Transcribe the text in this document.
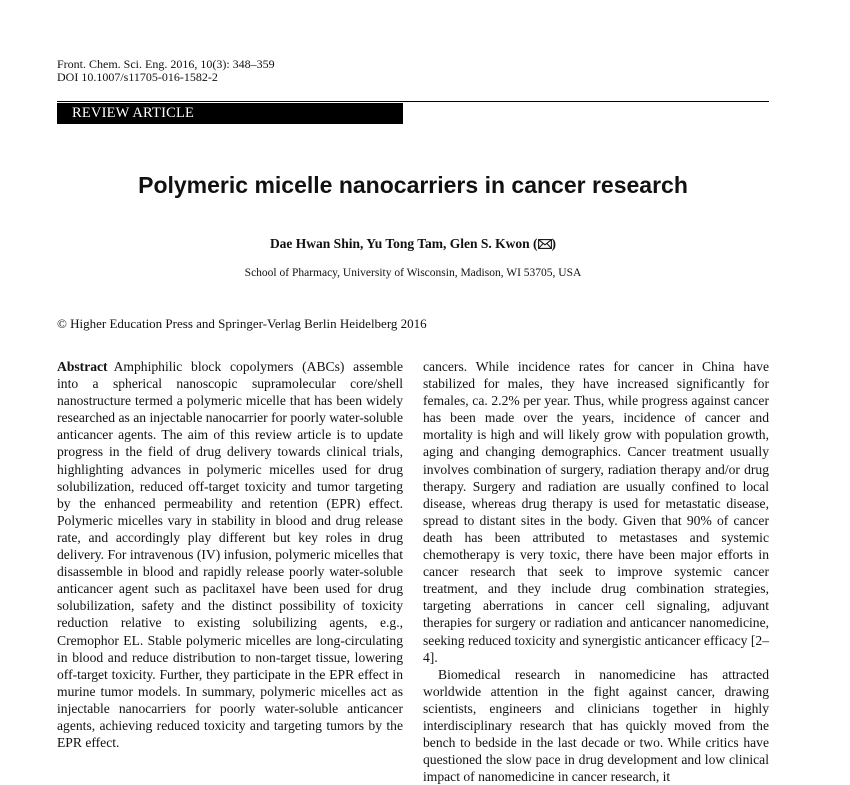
Front. Chem. Sci. Eng. 2016, 10(3): 348–359
DOI 10.1007/s11705-016-1582-2
REVIEW ARTICLE
Polymeric micelle nanocarriers in cancer research
Dae Hwan Shin, Yu Tong Tam, Glen S. Kwon ( )
School of Pharmacy, University of Wisconsin, Madison, WI 53705, USA
© Higher Education Press and Springer-Verlag Berlin Heidelberg 2016

Abstract Amphiphilic block copolymers (ABCs) assemble into a spherical nanoscopic supramolecular core/shell nanostructure termed a polymeric micelle that has been widely researched as an injectable nanocarrier for poorly water-soluble anticancer agents. The aim of this review article is to update progress in the field of drug delivery towards clinical trials, highlighting advances in polymeric micelles used for drug solubilization, reduced off-target toxicity and tumor targeting by the enhanced permeability and retention (EPR) effect. Polymeric micelles vary in stability in blood and drug release rate, and accordingly play different but key roles in drug delivery. For intravenous (IV) infusion, polymeric micelles that disassemble in blood and rapidly release poorly water-soluble anticancer agent such as paclitaxel have been used for drug solubilization, safety and the distinct possibility of toxicity reduction relative to existing solubilizing agents, e.g., Cremophor EL. Stable polymeric micelles are long-circulating in blood and reduce distribution to non-target tissue, lowering off-target toxicity. Further, they participate in the EPR effect in murine tumor models. In summary, polymeric micelles act as injectable nanocarriers for poorly water-soluble anticancer agents, achieving reduced toxicity and targeting tumors by the EPR effect.

cancers. While incidence rates for cancer in China have stabilized for males, they have increased significantly for females, ca. 2.2% per year. Thus, while progress against cancer has been made over the years, incidence of cancer and mortality is high and will likely grow with population growth, aging and changing demographics. Cancer treatment usually involves combination of surgery, radiation therapy and/or drug therapy. Surgery and radiation are usually confined to local disease, whereas drug therapy is used for metastatic disease, spread to distant sites in the body. Given that 90% of cancer death has been attributed to metastases and systemic chemotherapy is very toxic, there have been major efforts in cancer research that seek to improve systemic cancer treatment, and they include drug combination strategies, targeting aberrations in cancer cell signaling, adjuvant therapies for surgery or radiation and anticancer nanomedicine, seeking reduced toxicity and synergistic anticancer efficacy [2–4].

Biomedical research in nanomedicine has attracted worldwide attention in the fight against cancer, drawing scientists, engineers and clinicians together in highly interdisciplinary research that has quickly moved from the bench to bedside in the last decade or two. While critics have questioned the slow pace in drug development and low clinical impact of nanomedicine in cancer research, it
